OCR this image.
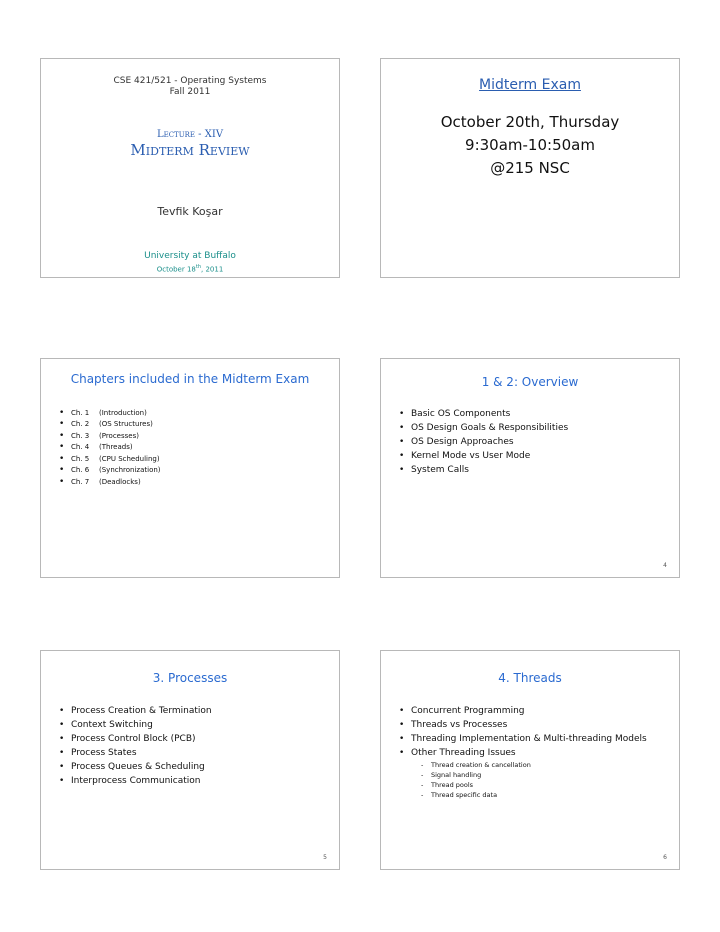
CSE 421/521 - Operating Systems
Fall 2011
Lecture - XIV
Midterm Review
Tevfik Koşar
University at Buffalo
October 18th, 2011
Midterm Exam
October 20th, Thursday
9:30am-10:50am
@215 NSC
Chapters included in the Midterm Exam
• Ch. 1 (Introduction)
• Ch. 2 (OS Structures)
• Ch. 3 (Processes)
• Ch. 4 (Threads)
• Ch. 5 (CPU Scheduling)
• Ch. 6 (Synchronization)
• Ch. 7 (Deadlocks)
1 & 2: Overview
• Basic OS Components
• OS Design Goals & Responsibilities
• OS Design Approaches
• Kernel Mode vs User Mode
• System Calls
4
3. Processes
• Process Creation & Termination
• Context Switching
• Process Control Block (PCB)
• Process States
• Process Queues & Scheduling
• Interprocess Communication
5
4. Threads
• Concurrent Programming
• Threads vs Processes
• Threading Implementation & Multi-threading Models
• Other Threading Issues
- Thread creation & cancellation
- Signal handling
- Thread pools
- Thread specific data
6
